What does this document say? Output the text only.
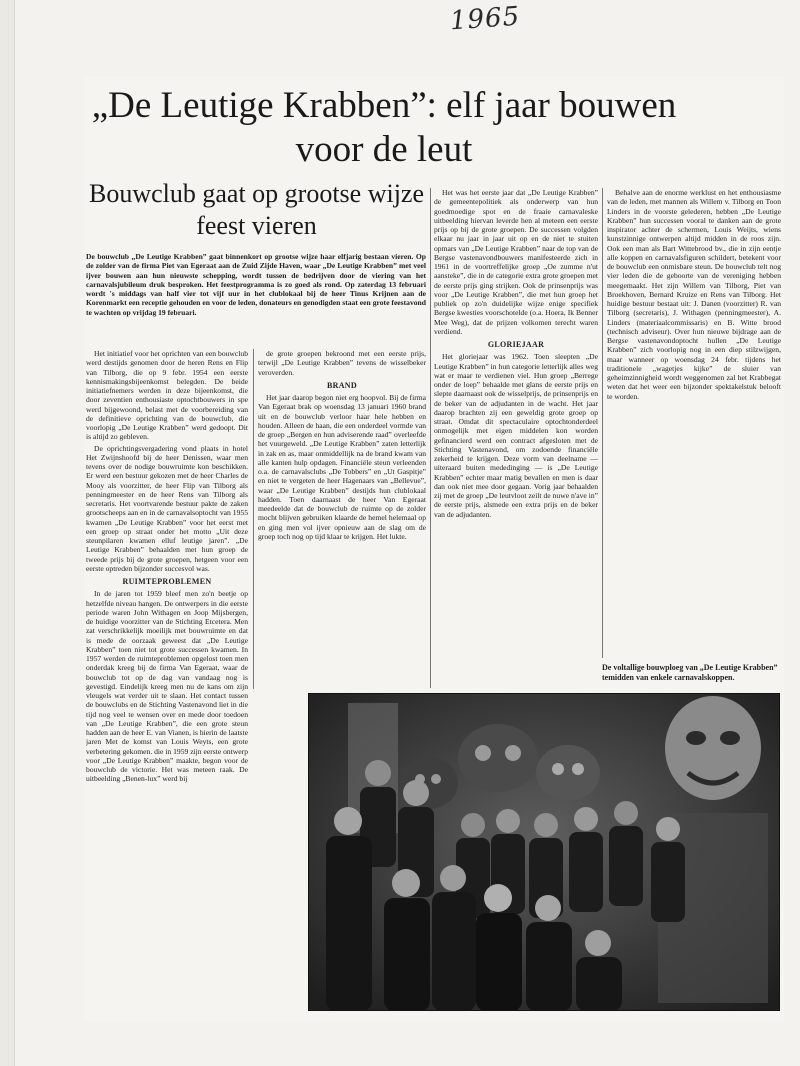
1965
„De Leutige Krabben”: elf jaar bouwen voor de leut
Bouwclub gaat op grootse wijze feest vieren
De bouwclub „De Leutige Krabben” gaat binnenkort op grootse wijze haar elfjarig bestaan vieren. Op de zolder van de firma Piet van Egeraat aan de Zuid Zijde Haven, waar „De Leutige Krabben” met veel ijver bouwen aan hun nieuwste schepping, wordt tussen de bedrijven door de viering van het carnavalsjubileum druk besproken. Het feestprogramma is zo goed als rond. Op zaterdag 13 februari wordt 's middags van half vier tot vijf uur in het clublokaal bij de heer Tinus Krijnen aan de Korenmarkt een receptie gehouden en voor de leden, donateurs en genodigden staat een grote feestavond te wachten op vrijdag 19 februari.

Het initiatief voor het oprichten van een bouwclub werd destijds genomen door de heren Rens en Flip van Tilborg, die op 9 febr. 1954 een eerste kennismakingsbijeenkomst belegden. De beide initiatiefnemers werden in deze bijeenkomst, die door zeventien enthousiaste optochtbouwers in spe werd bijgewoond, belast met de voorbereiding van de definitieve oprichting van de bouwclub, die voorlopig „De Leutige Krabben” werd gedoopt. Dit is altijd zo gebleven.

De oprichtingsvergadering vond plaats in hotel Het Zwijnshoofd bij de heer Denissen, waar men tevens over de nodige bouwruimte kon beschikken. Er werd een bestuur gekozen met de heer Charles de Mooy als voorzitter, de heer Flip van Tilborg als penningmeester en de heer Rens van Tilborg als secretaris. Het voortvarende bestuur pakte de zaken grootscheeps aan en in de carnavalsoptocht van 1955 kwamen „De Leutige Krabben” voor het eerst met een groep op straat onder het motto „Uit deze steunpilaren kwamen elluf leutige jaren”. „De Leutige Krabben” behaalden met hun groep de tweede prijs bij de grote groepen, hetgeen voor een eerste optreden bijzonder succesvol was.

RUIMTEPROBLEMEN

In de jaren tot 1959 bleef men zo'n beetje op hetzelfde niveau hangen. De ontwerpers in die eerste periode waren John Withagen en Joop Mijsbergen, de huidige voorzitter van de Stichting Etcetera. Men zat verschrikkelijk moeilijk met bouwruimte en dat is mede de oorzaak geweest dat „De Leutige Krabben” toen niet tot grote successen kwamen. In 1957 werden de ruimteproblemen opgelost toen men onderdak kreeg bij de firma Van Egeraat, waar de bouwclub tot op de dag van vandaag nog is gevestigd. Eindelijk kreeg men nu de kans om zijn vleugels wat verder uit te slaan. Het contact tussen de bouwclubs en de Stichting Vastenavond liet in die tijd nog veel te wensen over en mede door toedoen van „De Leutige Krabben”, die een grote steun hadden aan de heer E. van Vianen, is hierin de laatste jaren Met de komst van Louis Weyts, een grote verbetering gekomen. die in 1959 zijn eerste ontwerp voor „De Leutige Krabben” maakte, begon voor de bouwclub de victorie. Het was meteen raak. De uitbeelding „Benen-lux” werd bij

de grote groepen bekroond met een eerste prijs, terwijl „De Leutige Krabben” tevens de wisselbeker veroverden.

BRAND

Het jaar daarop begon niet erg hoopvol. Bij de firma Van Egeraat brak op woensdag 13 januari 1960 brand uit en de bouwclub verloor haar hele hebben en houden. Alleen de haan, die een onderdeel vormde van de groep „Bergen en hun adviserende raad” overleefde het vuurgeweld. „De Leutige Krabben” zaten letterlijk in zak en as, maar onmiddellijk na de brand kwam van alle kanten hulp opdagen. Financiële steun verleenden o.a. de carnavalsclubs „De Tobbers” en „Ut Gaspitje” en niet te vergeten de heer Hagenaars van „Bellevue”, waar „De Leutige Krabben” destijds hun clublokaal hadden. Toen daarnaast de heer Van Egeraat meedeelde dat de bouwclub de ruimte op de zolder mocht blijven gebruiken klaarde de hemel helemaal op en ging men vol ijver opnieuw aan de slag om de groep toch nog op tijd klaar te krijgen. Het lukte.

Het was het eerste jaar dat „De Leutige Krabben” de gemeentepolitiek als onderwerp van hun goedmoedige spot en de fraaie carnavaleske uitbeelding hiervan leverde hen al meteen een eerste prijs op bij de grote groepen. De successen volgden elkaar nu jaar in jaar uit op en de niet te stuiten opmars van „De Leutige Krabben” naar de top van de Bergse vastenavondbouwers manifesteerde zich in 1961 in de voortreffelijke groep „Oe zumme n'ut aansteke”, die in de categorie extra grote groepen met de eerste prijs ging strijken. Ook de prinsenprijs was voor „De Leutige Krabben”, die met hun groep het publiek op zo'n duidelijke wijze enige specifiek Bergse kwesties voorschotelde (o.a. Hoera, Ik Benner Mee Weg), dat de prijzen volkomen terecht waren verdiend.

GLORIEJAAR

Het gloriejaar was 1962. Toen sleepten „De Leutige Krabben” in hun categorie letterlijk alles weg wat er maar te verdienen viel. Hun groep „Berrege onder de loep” behaalde met glans de eerste prijs en slepte daarnaast ook de wisselprijs, de prinsenprijs en de beker van de adjudanten in de wacht. Het jaar daarop brachten zij een geweldig grote groep op straat. Omdat dit spectaculaire optochtonderdeel onmogelijk met eigen middelen kon worden gefinancierd werd een contract afgesloten met de Stichting Vastenavond, om zodoende financiële zekerheid te krijgen. Deze vorm van deelname — uiteraard buiten mededinging — is „De Leutige Krabben” echter maar matig bevallen en men is daar dan ook niet mee door gegaan. Vorig jaar behaalden zij met de groep „De leutvloot zeilt de nuwe n'ave in” de eerste prijs, alsmede een extra prijs en de beker van de adjudanten.

Behalve aan de enorme werklust en het enthousiasme van de leden, met mannen als Willem v. Tilborg en Toon Linders in de voorste gelederen, hebben „De Leutige Krabben” hun successen vooral te danken aan de grote inspirator achter de schermen, Louis Weijts, wiens kunstzinnige ontwerpen altijd midden in de roos zijn. Ook een man als Bart Wittebrood bv., die in zijn eentje alle koppen en carnavalsfiguren schildert, betekent voor de bouwclub een onmisbare steun. De bouwclub telt nog vier leden die de geboorte van de vereniging hebben meegemaakt. Het zijn Willem van Tilborg, Piet van Broekhoven, Bernard Kruize en Rens van Tilborg. Het huidige bestuur bestaat uit: J. Danen (voorzitter) R. van Tilborg (secretaris), J. Withagen (penningmeester), A. Linders (materiaalcommissaris) en B. Witte brood (technisch adviseur). Over hun nieuwe bijdrage aan de Bergse vastenavondoptocht hullen „De Leutige Krabben” zich voorlopig nog in een diep stilzwijgen, maar wanneer op woensdag 24 febr. tijdens het traditionele „wagetjes kijke” de sluier van geheimzinnigheid wordt weggenomen zal het Krabbegat weten dat het weer een bijzonder spektakelstuk belooft te worden.

De voltallige bouwploeg van „De Leutige Krabben” temidden van enkele carnavalskoppen.
